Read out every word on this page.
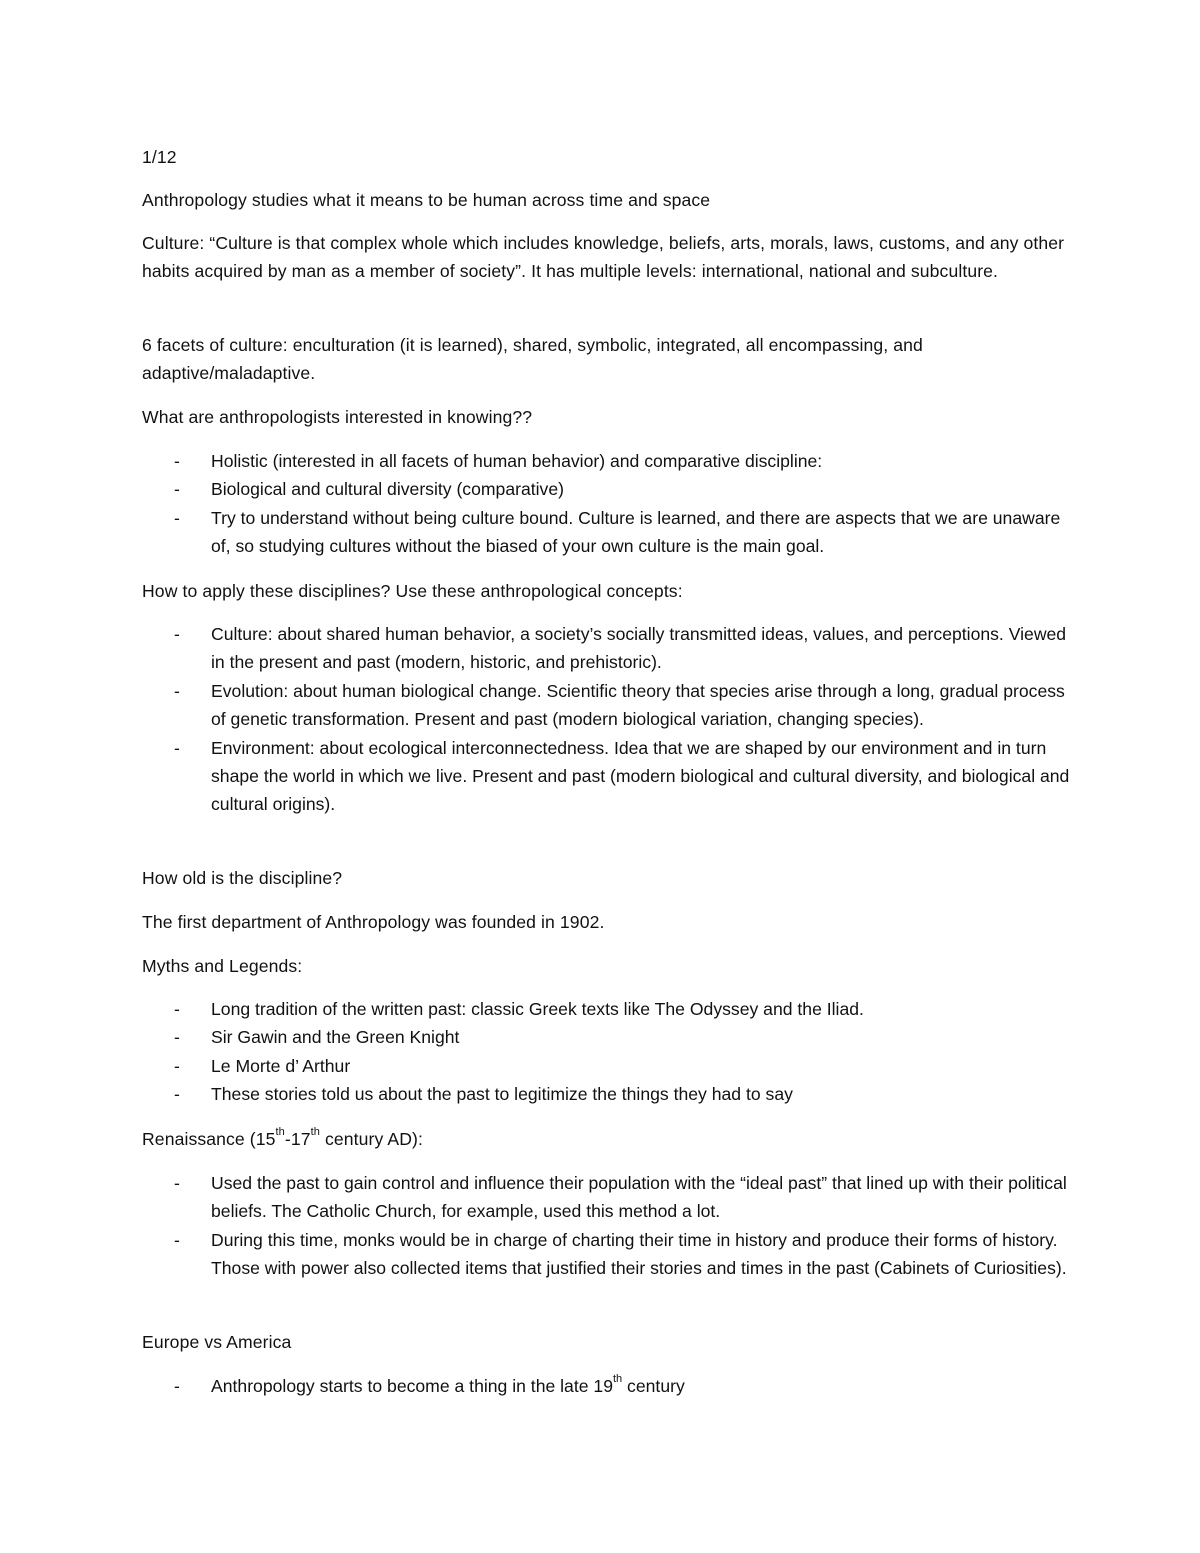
1/12
Anthropology studies what it means to be human across time and space
Culture: “Culture is that complex whole which includes knowledge, beliefs, arts, morals, laws, customs, and any other habits acquired by man as a member of society”. It has multiple levels: international, national and subculture.
6 facets of culture: enculturation (it is learned), shared, symbolic, integrated, all encompassing, and adaptive/maladaptive.
What are anthropologists interested in knowing??
- Holistic (interested in all facets of human behavior) and comparative discipline:
- Biological and cultural diversity (comparative)
- Try to understand without being culture bound. Culture is learned, and there are aspects that we are unaware of, so studying cultures without the biased of your own culture is the main goal.
How to apply these disciplines? Use these anthropological concepts:
- Culture: about shared human behavior, a society’s socially transmitted ideas, values, and perceptions. Viewed in the present and past (modern, historic, and prehistoric).
- Evolution: about human biological change. Scientific theory that species arise through a long, gradual process of genetic transformation. Present and past (modern biological variation, changing species).
- Environment: about ecological interconnectedness. Idea that we are shaped by our environment and in turn shape the world in which we live. Present and past (modern biological and cultural diversity, and biological and cultural origins).
How old is the discipline?
The first department of Anthropology was founded in 1902.
Myths and Legends:
- Long tradition of the written past: classic Greek texts like The Odyssey and the Iliad.
- Sir Gawin and the Green Knight
- Le Morte d’ Arthur
- These stories told us about the past to legitimize the things they had to say
Renaissance (15th-17th century AD):
- Used the past to gain control and influence their population with the “ideal past” that lined up with their political beliefs. The Catholic Church, for example, used this method a lot.
- During this time, monks would be in charge of charting their time in history and produce their forms of history. Those with power also collected items that justified their stories and times in the past (Cabinets of Curiosities).
Europe vs America
- Anthropology starts to become a thing in the late 19th century
